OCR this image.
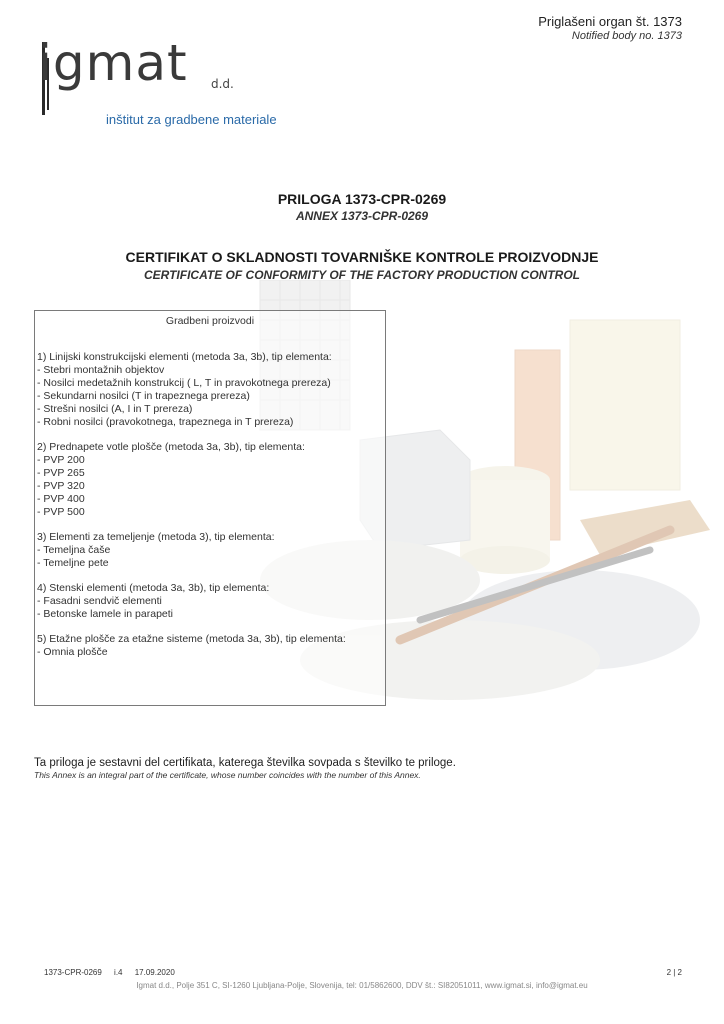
Priglašeni organ št. 1373
Notified body no. 1373
igmat d.d.
inštitut za gradbene materiale
PRILOGA 1373-CPR-0269
ANNEX 1373-CPR-0269
CERTIFIKAT O SKLADNOSTI TOVARNIŠKE KONTROLE PROIZVODNJE
CERTIFICATE OF CONFORMITY OF THE FACTORY PRODUCTION CONTROL
Gradbeni proizvodi
1) Linijski konstrukcijski elementi (metoda 3a, 3b), tip elementa:
- Stebri montažnih objektov
- Nosilci medetažnih konstrukcij ( L, T in pravokotnega prereza)
- Sekundarni nosilci (T in trapeznega prereza)
- Strešni nosilci (A, I in T prereza)
- Robni nosilci (pravokotnega, trapeznega in T prereza)
2) Prednapete votle plošče (metoda 3a, 3b), tip elementa:
- PVP 200
- PVP 265
- PVP 320
- PVP 400
- PVP 500
3) Elementi za temeljenje (metoda 3), tip elementa:
- Temeljna čaše
- Temeljne pete
4) Stenski elementi (metoda 3a, 3b), tip elementa:
- Fasadni sendvič elementi
- Betonske lamele in parapeti
5) Etažne plošče za etažne sisteme (metoda 3a, 3b), tip elementa:
- Omnia plošče
Ta priloga je sestavni del certifikata, katerega številka sovpada s številko te priloge.
This Annex is an integral part of the certificate, whose number coincides with the number of this Annex.
1373-CPR-0269 i.4 17.09.2020	2 | 2
Igmat d.d., Polje 351 C, SI-1260 Ljubljana-Polje, Slovenija, tel: 01/5862600, DDV št.: SI82051011, www.igmat.si, info@igmat.eu
